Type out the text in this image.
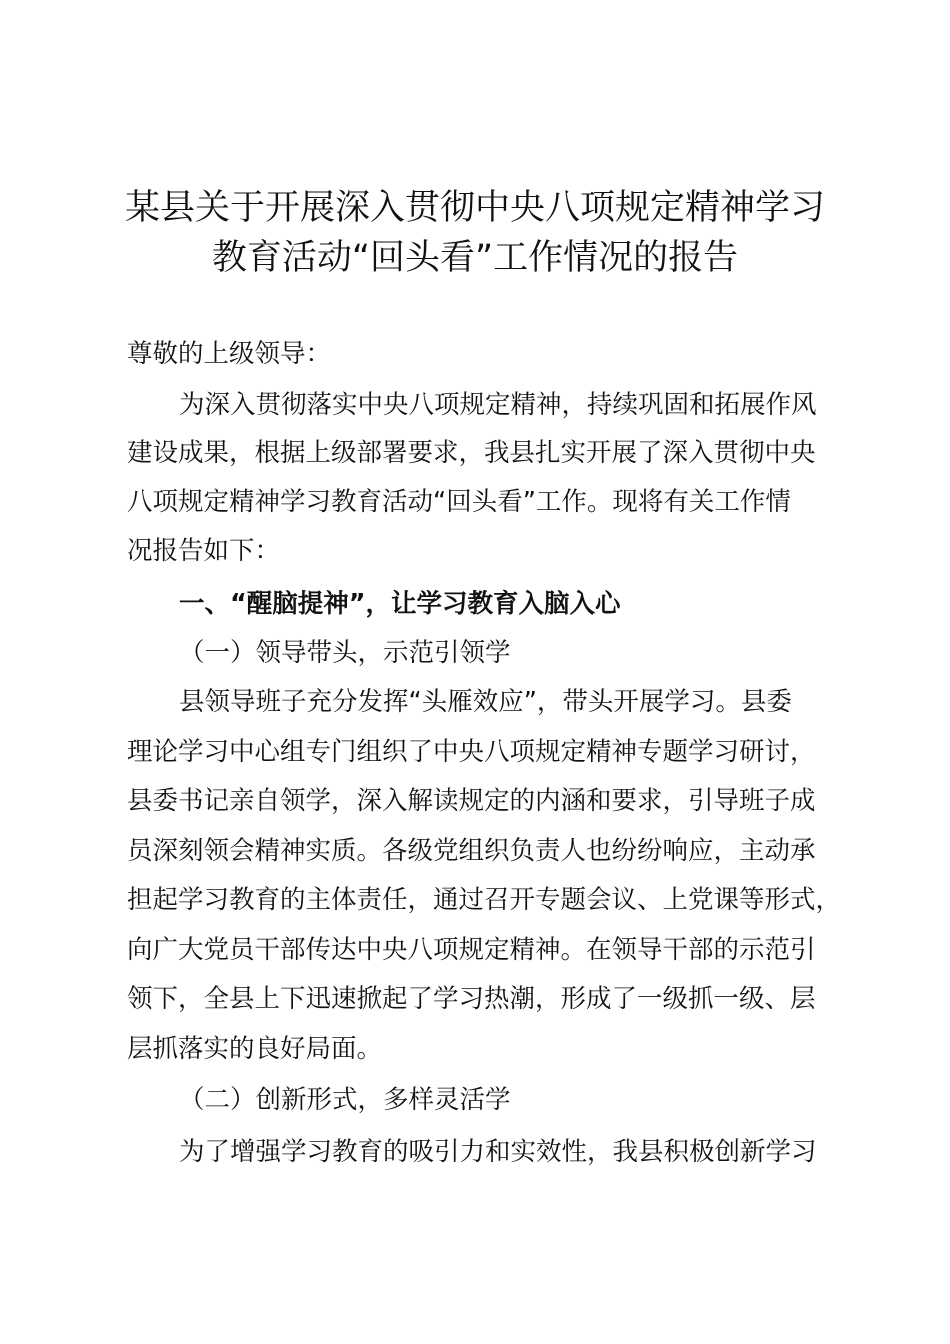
某县关于开展深入贯彻中央八项规定精神学习
教育活动“回头看”工作情况的报告
尊敬的上级领导：
为深入贯彻落实中央八项规定精神，持续巩固和拓展作风
建设成果，根据上级部署要求，我县扎实开展了深入贯彻中央
八项规定精神学习教育活动“回头看”工作。现将有关工作情
况报告如下：
一、“醒脑提神”，让学习教育入脑入心
（一）领导带头，示范引领学
县领导班子充分发挥“头雁效应”，带头开展学习。县委
理论学习中心组专门组织了中央八项规定精神专题学习研讨，
县委书记亲自领学，深入解读规定的内涵和要求，引导班子成
员深刻领会精神实质。各级党组织负责人也纷纷响应，主动承
担起学习教育的主体责任，通过召开专题会议、上党课等形式，
向广大党员干部传达中央八项规定精神。在领导干部的示范引
领下，全县上下迅速掀起了学习热潮，形成了一级抓一级、层
层抓落实的良好局面。
（二）创新形式，多样灵活学
为了增强学习教育的吸引力和实效性，我县积极创新学习
